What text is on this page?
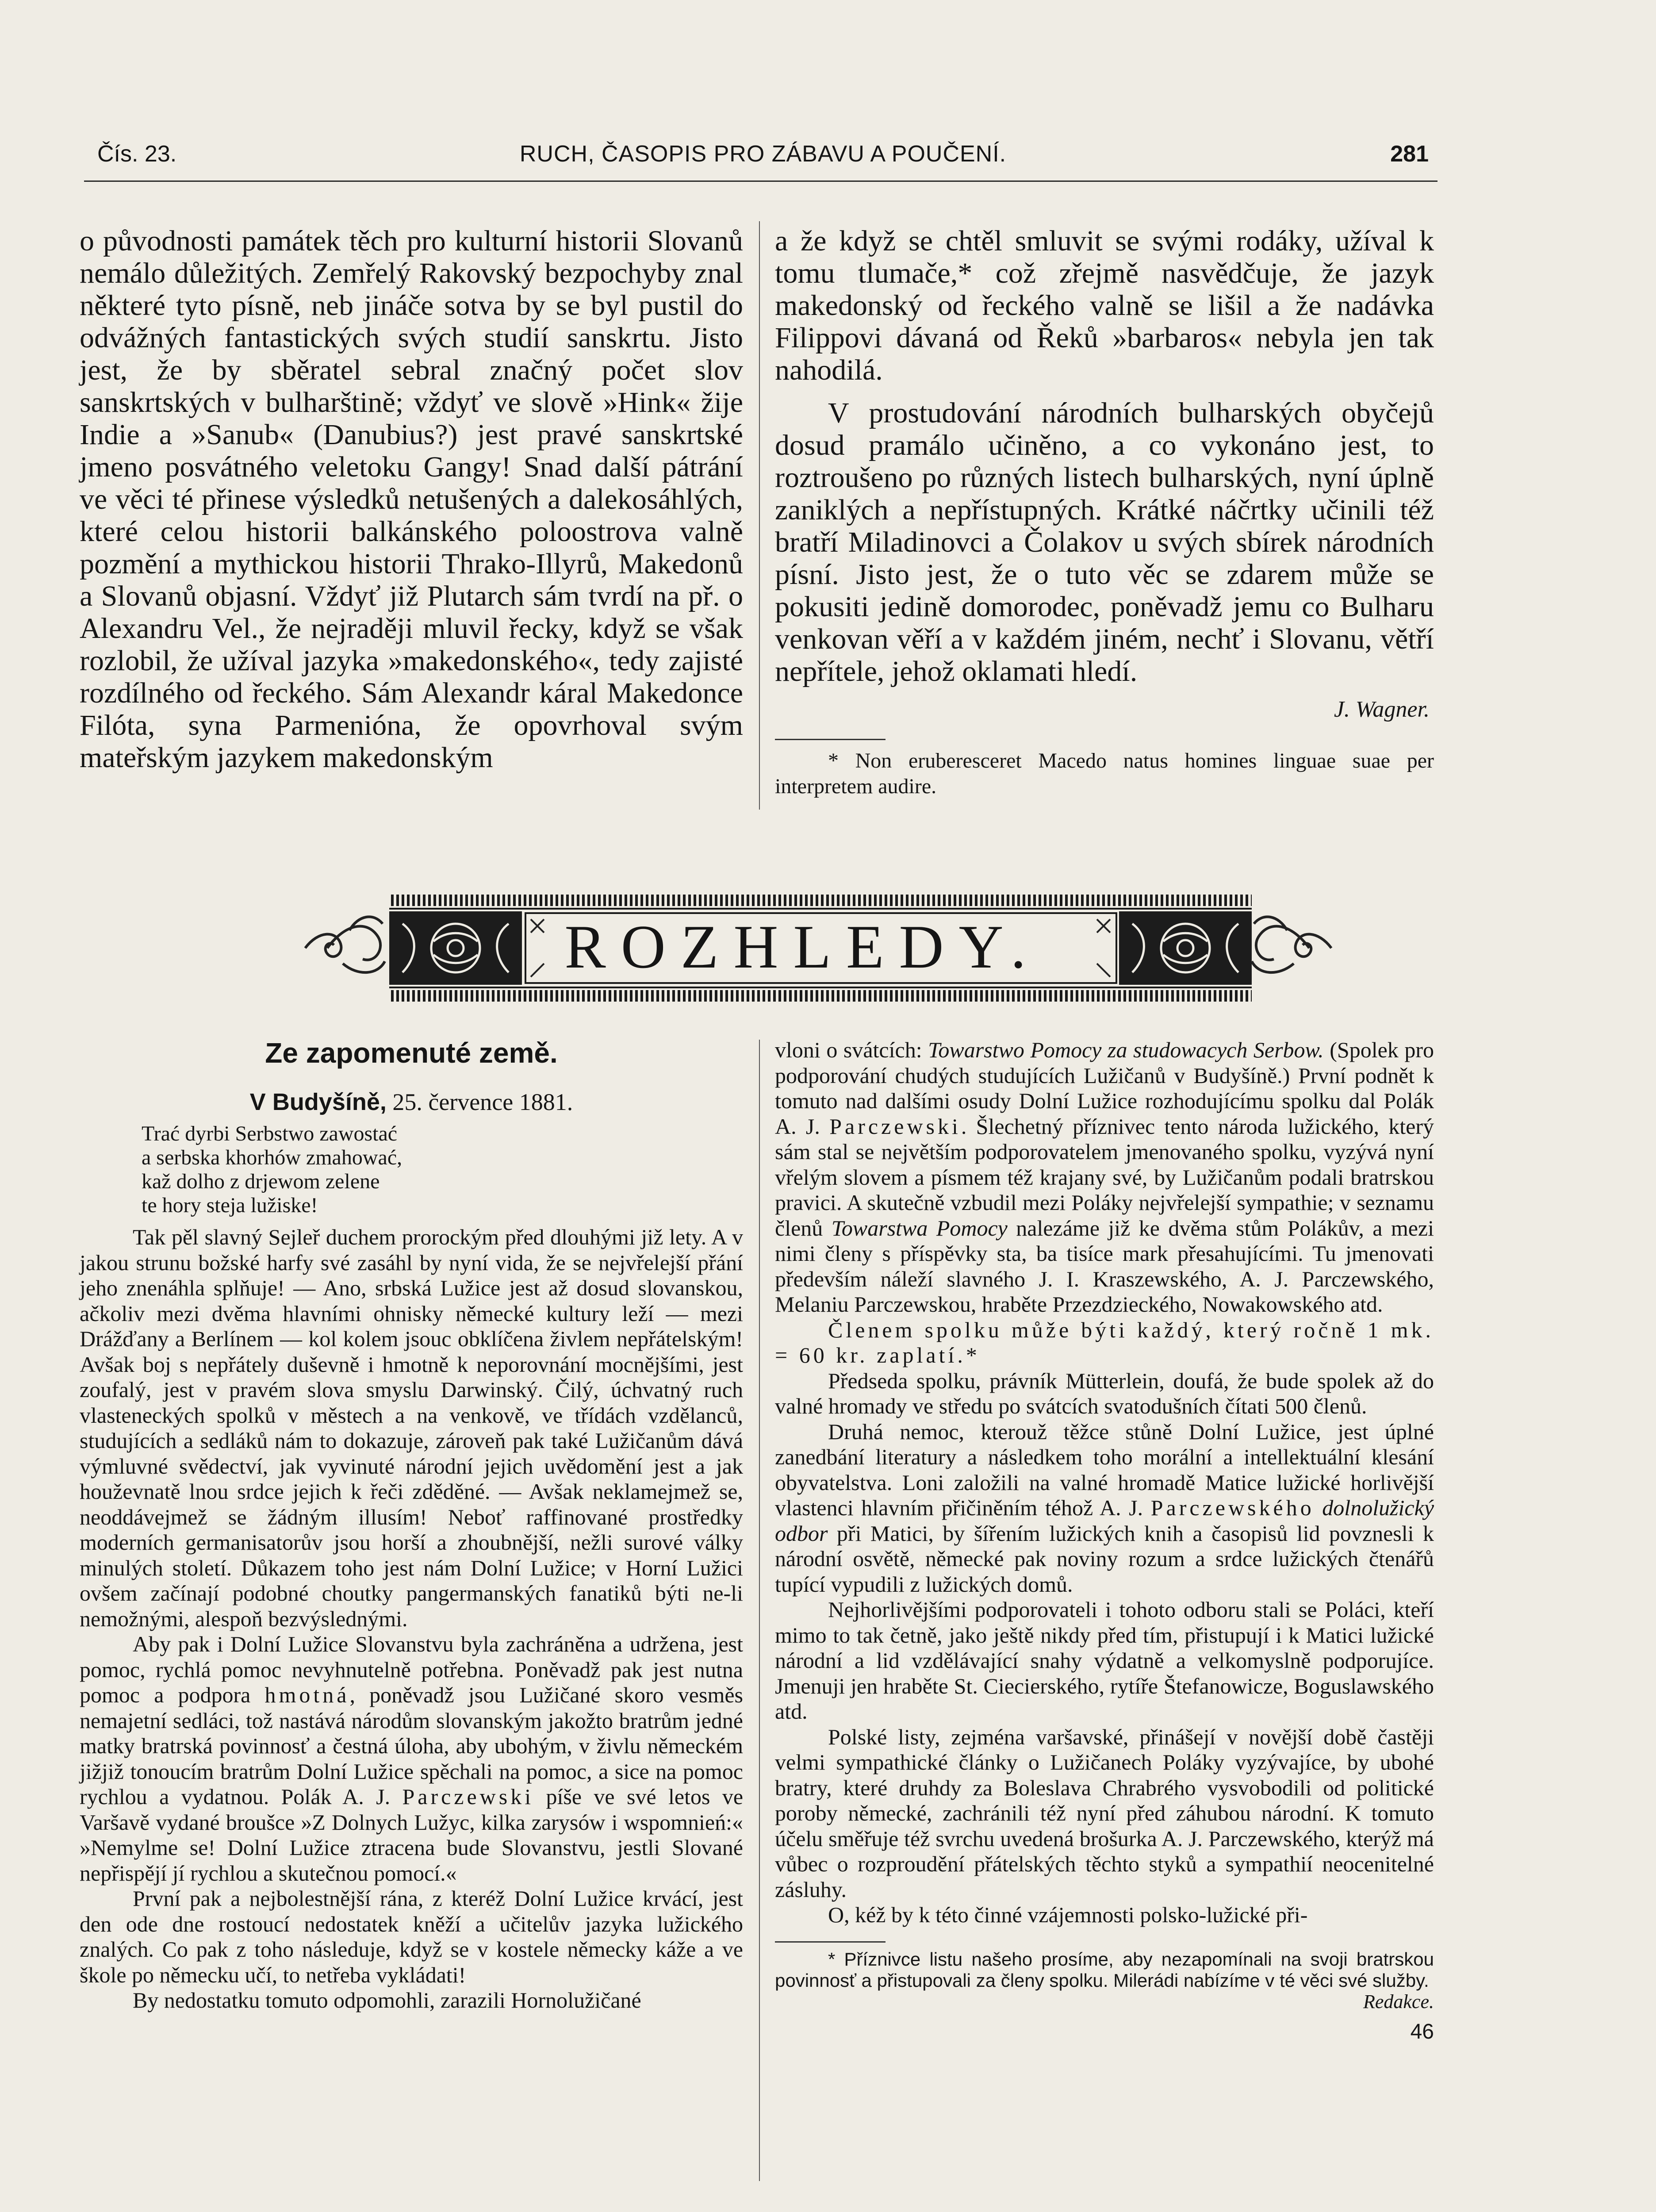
Čís. 23.	RUCH, ČASOPIS PRO ZÁBAVU A POUČENÍ.	281

o původnosti památek těch pro kulturní historii Slovanů nemálo důležitých. Zemřelý Rakovský bezpochyby znal některé tyto písně, neb jináče sotva by se byl pustil do odvážných fantastických svých studií sanskrtu. Jisto jest, že by sběratel sebral značný počet slov sanskrtských v bulharštině; vždyť ve slově »Hink« žije Indie a »Sanub« (Danubius?) jest pravé sanskrtské jmeno posvátného veletoku Gangy! Snad další pátrání ve věci té přinese výsledků netušených a dalekosáhlých, které celou historii balkánského poloostrova valně pozmění a mythickou historii Thrako-Illyrů, Makedonů a Slovanů objasní. Vždyť již Plutarch sám tvrdí na př. o Alexandru Vel., že nejraději mluvil řecky, když se však rozlobil, že užíval jazyka »makedonského«, tedy zajisté rozdílného od řeckého. Sám Alexandr káral Makedonce Filóta, syna Parmenióna, že opovrhoval svým mateřským jazykem makedonským

a že když se chtěl smluvit se svými rodáky, užíval k tomu tlumače,* což zřejmě nasvědčuje, že jazyk makedonský od řeckého valně se lišil a že nadávka Filippovi dávaná od Řeků »barbaros« nebyla jen tak nahodilá.

V prostudování národních bulharských obyčejů dosud pramálo učiněno, a co vykonáno jest, to roztroušeno po různých listech bulharských, nyní úplně zaniklých a nepřístupných. Krátké náčrtky učinili též bratří Miladinovci a Čolakov u svých sbírek národních písní. Jisto jest, že o tuto věc se zdarem může se pokusiti jedině domorodec, poněvadž jemu co Bulharu venkovan věří a v každém jiném, nechť i Slovanu, větří nepřítele, jehož oklamati hledí.

J. Wagner.

* Non eruberesceret Macedo natus homines linguae suae per interpretem audire.

ROZHLEDY.
Ze zapomenuté země.
V Budyšíně, 25. července 1881.
Trać dyrbi Serbstwo zawostać
a serbska khorhów zmahować,
kaž dolho z drjewom zelene
te hory steja lužiske!

Tak pěl slavný Sejleř duchem prorockým před dlouhými již lety. A v jakou strunu božské harfy své zasáhl by nyní vida, že se nejvřelejší přání jeho znenáhla splňuje! — Ano, srbská Lužice jest až dosud slovanskou, ačkoliv mezi dvěma hlavními ohnisky německé kultury leží — mezi Drážďany a Berlínem — kol kolem jsouc obklíčena živlem nepřátelským! Avšak boj s nepřátely duševně i hmotně k neporovnání mocnějšími, jest zoufalý, jest v pravém slova smyslu Darwinský. Čilý, úchvatný ruch vlasteneckých spolků v městech a na venkově, ve třídách vzdělanců, studujících a sedláků nám to dokazuje, zároveň pak také Lužičanům dává výmluvné svědectví, jak vyvinuté národní jejich uvědomění jest a jak houževnatě lnou srdce jejich k řeči zděděné. — Avšak neklamejmež se, neoddávejmež se žádným illusím! Neboť raffinované prostředky moderních germanisatorův jsou horší a zhoubnější, nežli surové války minulých století. Důkazem toho jest nám Dolní Lužice; v Horní Lužici ovšem začínají podobné choutky pangermanských fanatiků býti ne-li nemožnými, alespoň bezvýslednými.

Aby pak i Dolní Lužice Slovanstvu byla zachráněna a udržena, jest pomoc, rychlá pomoc nevyhnutelně potřebna. Poněvadž pak jest nutna pomoc a podpora hmotná, poněvadž jsou Lužičané skoro vesměs nemajetní sedláci, tož nastává národům slovanským jakožto bratrům jedné matky bratrská povinnosť a čestná úloha, aby ubohým, v živlu německém jižjiž tonoucím bratrům Dolní Lužice spěchali na pomoc, a sice na pomoc rychlou a vydatnou. Polák A. J. Parczewski píše ve své letos ve Varšavě vydané broušce »Z Dolnych Lužyc, kilka zarysów i wspomnień:« »Nemylme se! Dolní Lužice ztracena bude Slovanstvu, jestli Slované nepřispějí jí rychlou a skutečnou pomocí.«

První pak a nejbolestnější rána, z kteréž Dolní Lužice krvácí, jest den ode dne rostoucí nedostatek kněží a učitelův jazyka lužického znalých. Co pak z toho následuje, když se v kostele německy káže a ve škole po německu učí, to netřeba vykládati!

By nedostatku tomuto odpomohli, zarazili Hornolužičané

vloni o svátcích: Towarstwo Pomocy za studowacych Serbow. (Spolek pro podporování chudých studujících Lužičanů v Budyšíně.) První podnět k tomuto nad dalšími osudy Dolní Lužice rozhodujícímu spolku dal Polák A. J. Parczewski. Šlechetný příznivec tento národa lužického, který sám stal se největším podporovatelem jmenovaného spolku, vyzývá nyní vřelým slovem a písmem též krajany své, by Lužičanům podali bratrskou pravici. A skutečně vzbudil mezi Poláky nejvřelejší sympathie; v seznamu členů Towarstwa Pomocy nalezáme již ke dvěma stům Polákův, a mezi nimi členy s příspěvky sta, ba tisíce mark přesahujícími. Tu jmenovati především náleží slavného J. I. Kraszewského, A. J. Parczewského, Melaniu Parczewskou, hraběte Przezdzieckého, Nowakowského atd.

Členem spolku může býti každý, který ročně 1 mk. = 60 kr. zaplatí.*

Předseda spolku, právník Mütterlein, doufá, že bude spolek až do valné hromady ve středu po svátcích svatodušních čítati 500 členů.

Druhá nemoc, kterouž těžce stůně Dolní Lužice, jest úplné zanedbání literatury a následkem toho morální a intellektuální klesání obyvatelstva. Loni založili na valné hromadě Matice lužické horlivější vlastenci hlavním přičiněním téhož A. J. Parczewského dolnolužický odbor při Matici, by šířením lužických knih a časopisů lid povznesli k národní osvětě, německé pak noviny rozum a srdce lužických čtenářů tupící vypudili z lužických domů.

Nejhorlivějšími podporovateli i tohoto odboru stali se Poláci, kteří mimo to tak četně, jako ještě nikdy před tím, přistupují i k Matici lužické národní a lid vzdělávající snahy výdatně a velkomyslně podporujíce. Jmenuji jen hraběte St. Ciecierského, rytíře Štefanowicze, Boguslawského atd.

Polské listy, zejména varšavské, přinášejí v novější době častěji velmi sympathické články o Lužičanech Poláky vyzývajíce, by ubohé bratry, které druhdy za Boleslava Chrabrého vysvobodili od politické poroby německé, zachránili též nyní před záhubou národní. K tomuto účelu směřuje též svrchu uvedená brošurka A. J. Parczewského, kterýž má vůbec o rozproudění přátelských těchto styků a sympathií neocenitelné zásluhy.

O, kéž by k této činné vzájemnosti polsko-lužické při-

* Příznivce listu našeho prosíme, aby nezapomínali na svoji bratrskou povinnosť a přistupovali za členy spolku. Milerádi nabízíme v té věci své služby.

Redakce.
46
